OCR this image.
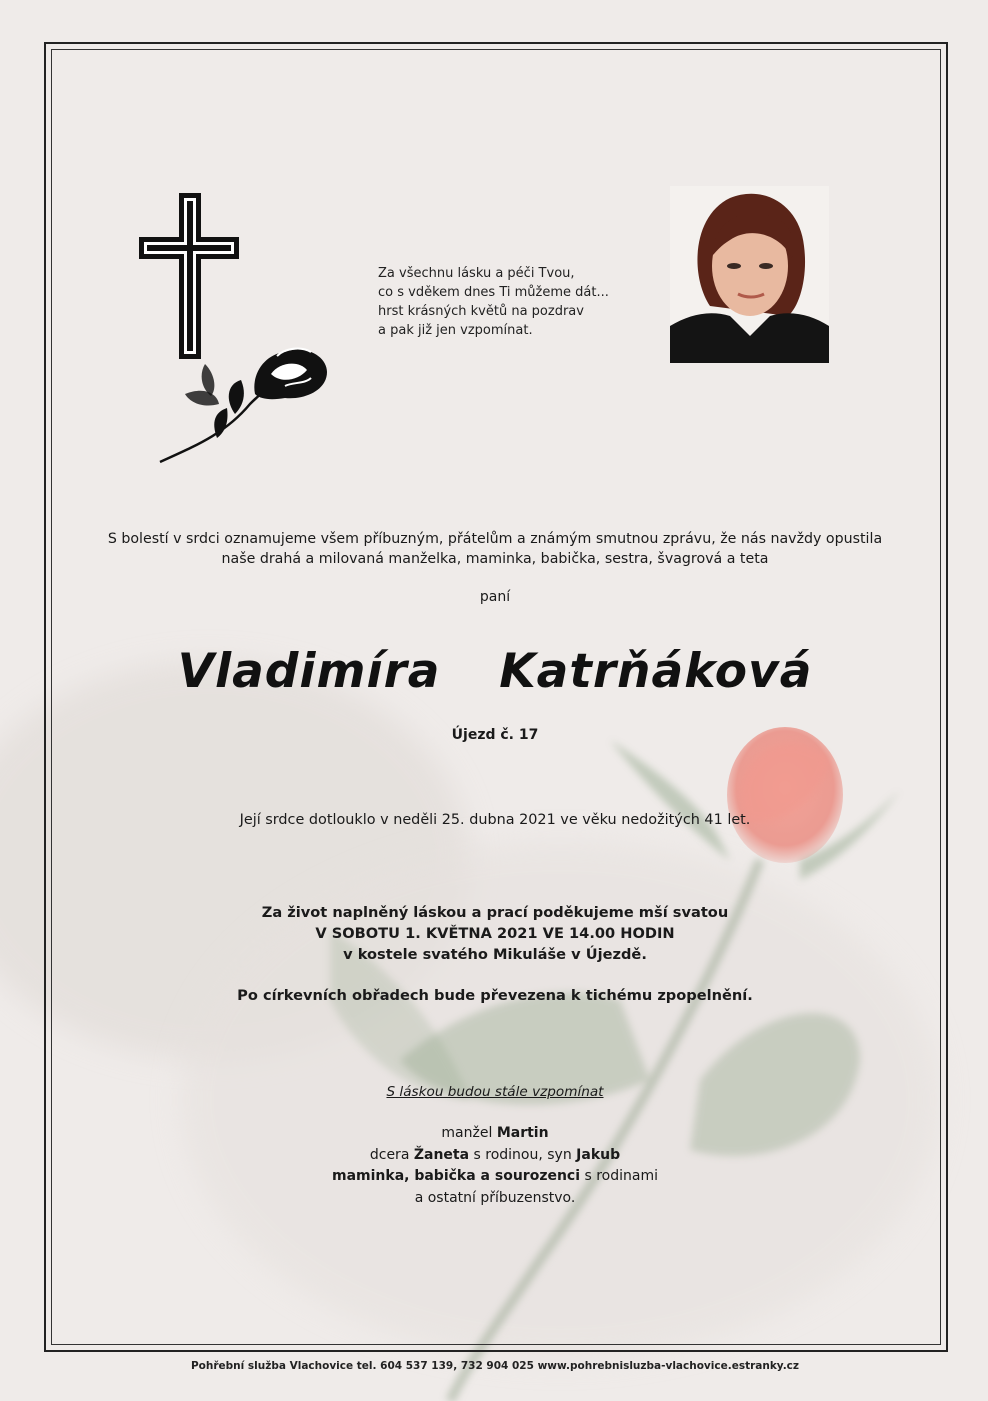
Za všechnu lásku a péči Tvou,
co s vděkem dnes Ti můžeme dát...
hrst krásných květů na pozdrav
a pak již jen vzpomínat.
S bolestí v srdci oznamujeme všem příbuzným, přátelům a známým smutnou zprávu, že nás navždy opustila
naše drahá a milovaná manželka, maminka, babička, sestra, švagrová a teta
paní
Vladimíra  Katrňáková
Újezd č. 17
Její srdce dotlouklo v neděli 25. dubna 2021 ve věku nedožitých 41 let.
Za život naplněný láskou a prací poděkujeme mší svatou
V SOBOTU 1. KVĚTNA 2021 VE 14.00 HODIN
v kostele svatého Mikuláše v Újezdě.
Po církevních obřadech bude převezena k tichému zpopelnění.
S láskou budou stále vzpomínat
manžel Martin
dcera Žaneta s rodinou, syn Jakub
maminka, babička a sourozenci s rodinami
a ostatní příbuzenstvo.
Pohřební služba Vlachovice tel. 604 537 139, 732 904 025 www.pohrebnisluzba-vlachovice.estranky.cz
